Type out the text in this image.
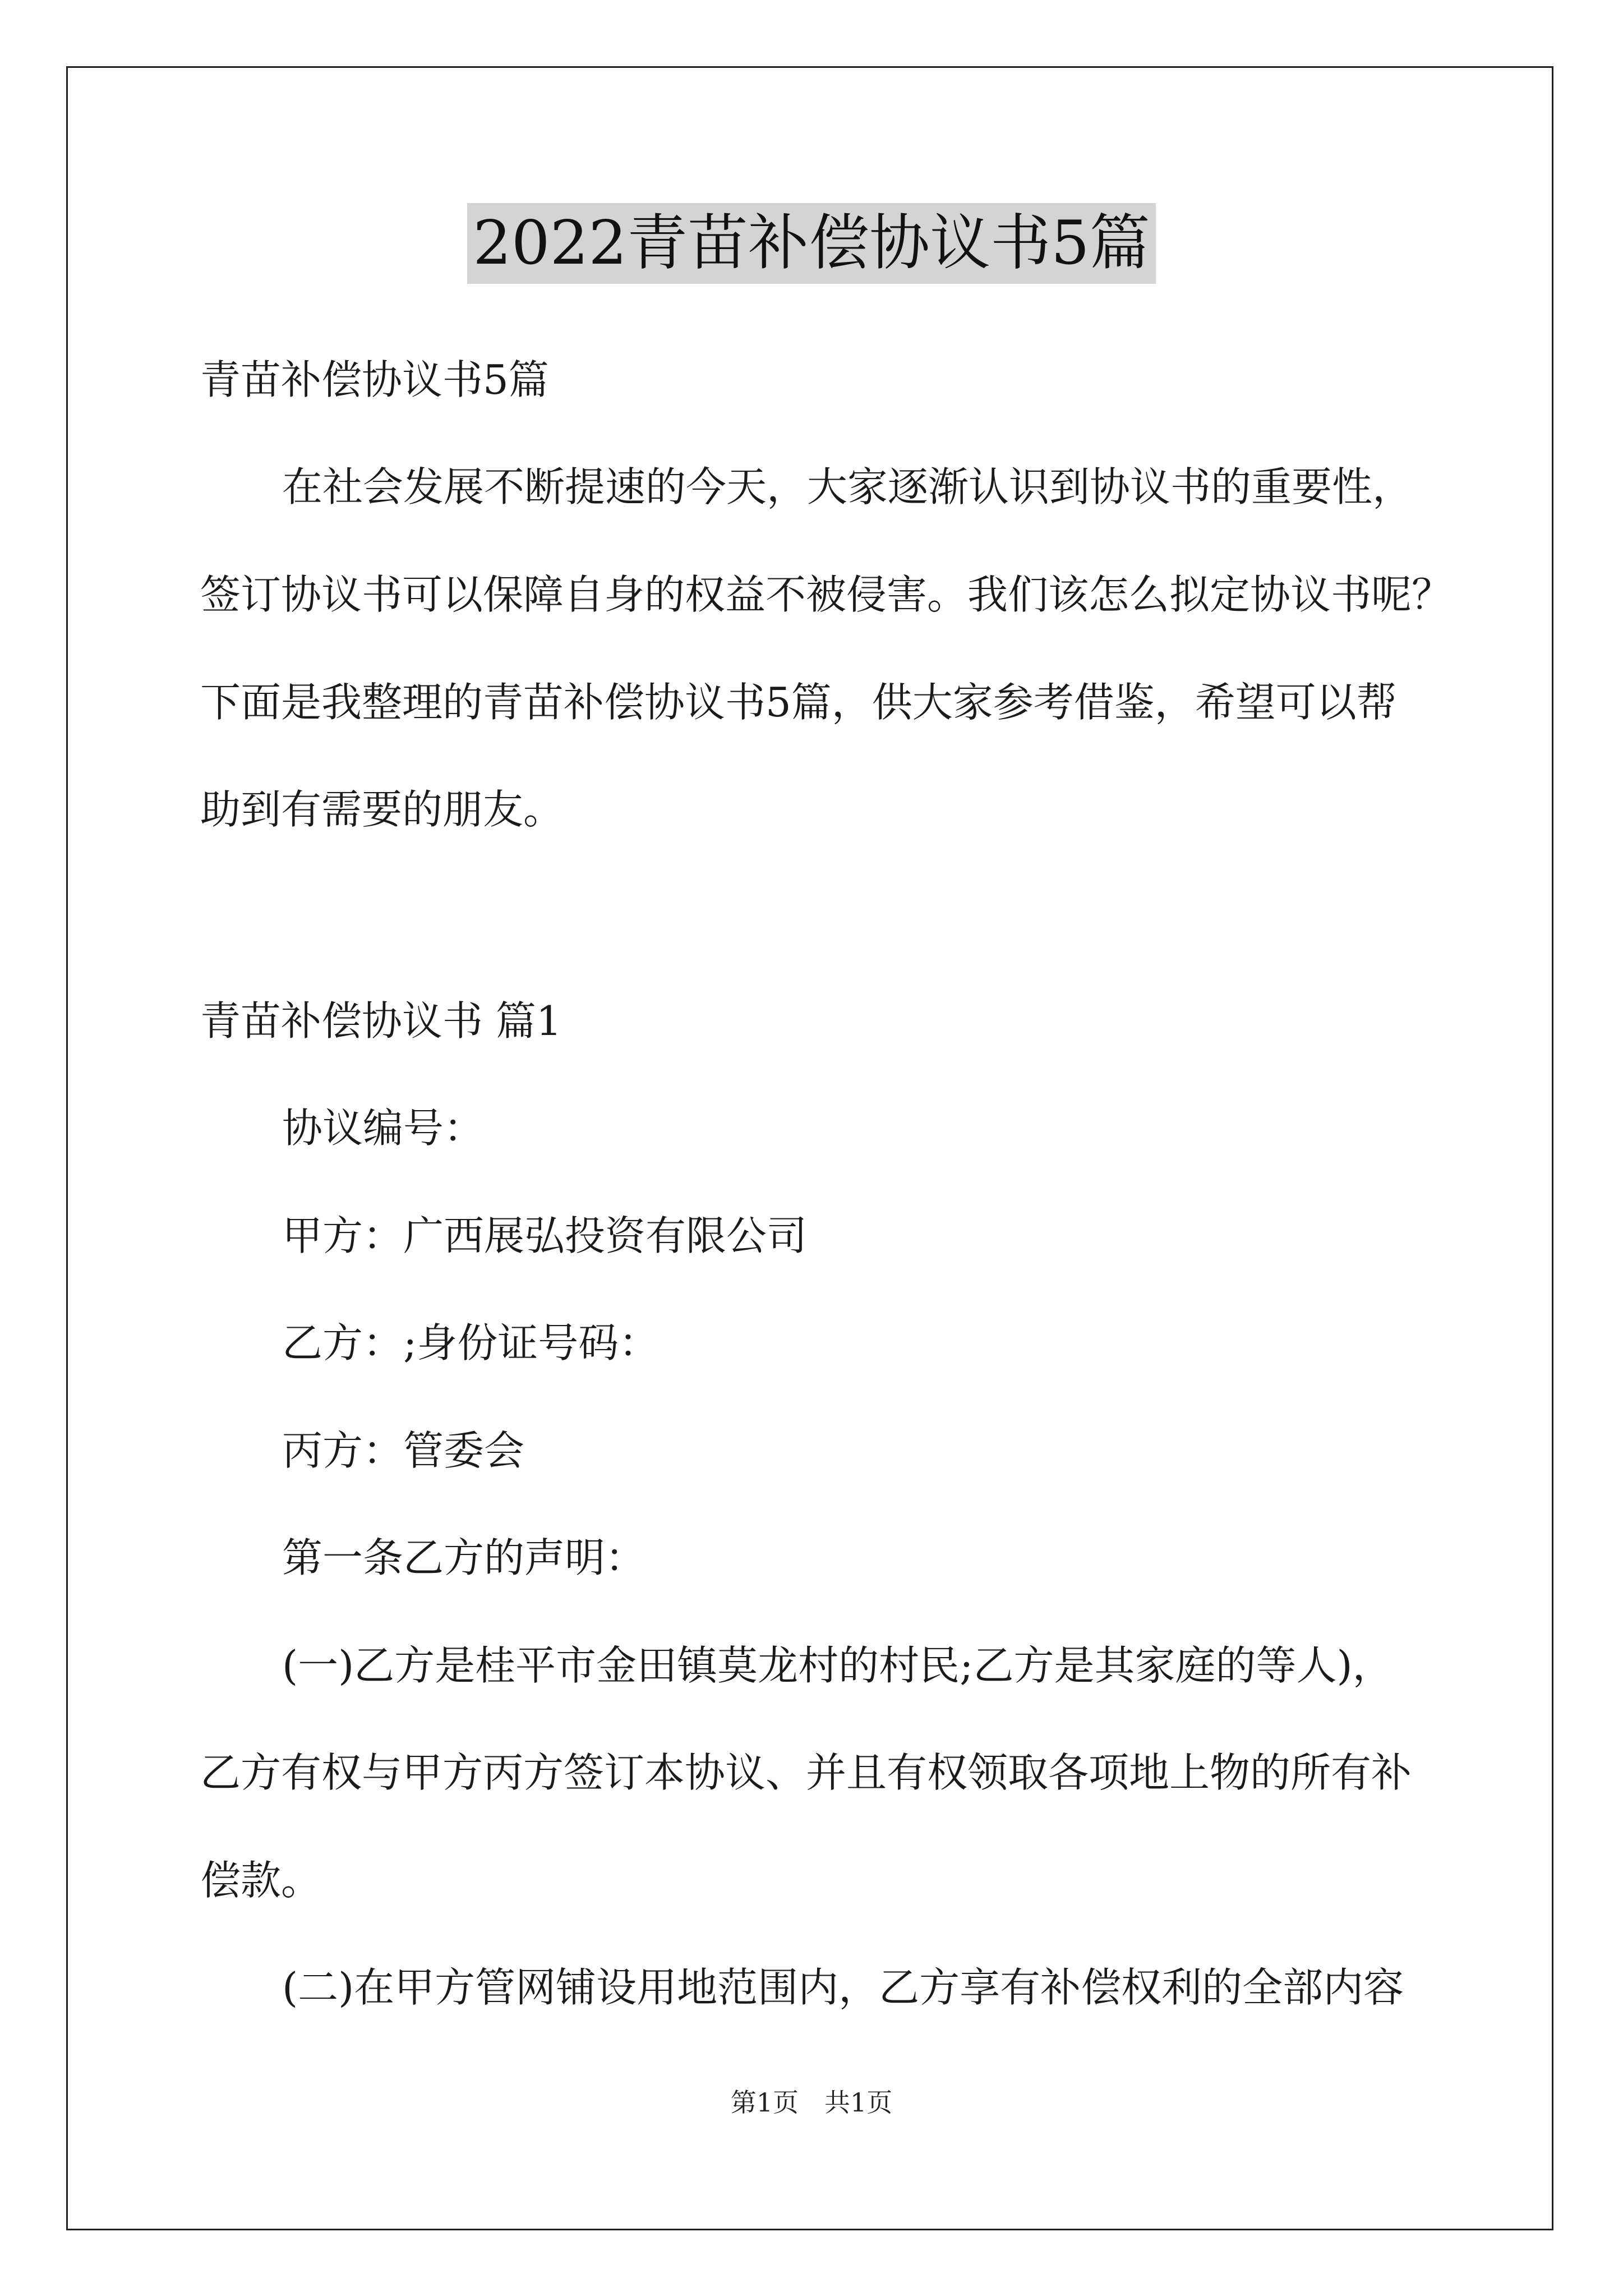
2022青苗补偿协议书5篇
青苗补偿协议书5篇
在社会发展不断提速的今天，大家逐渐认识到协议书的重要性，
签订协议书可以保障自身的权益不被侵害。我们该怎么拟定协议书呢？
下面是我整理的青苗补偿协议书5篇，供大家参考借鉴，希望可以帮
助到有需要的朋友。
青苗补偿协议书 篇1
协议编号：
甲方：广西展弘投资有限公司
乙方：;身份证号码：
丙方：管委会
第一条乙方的声明：
(一)乙方是桂平市金田镇莫龙村的村民;乙方是其家庭的等人)，
乙方有权与甲方丙方签订本协议、并且有权领取各项地上物的所有补
偿款。
(二)在甲方管网铺设用地范围内，乙方享有补偿权利的全部内容
第1页　共1页
